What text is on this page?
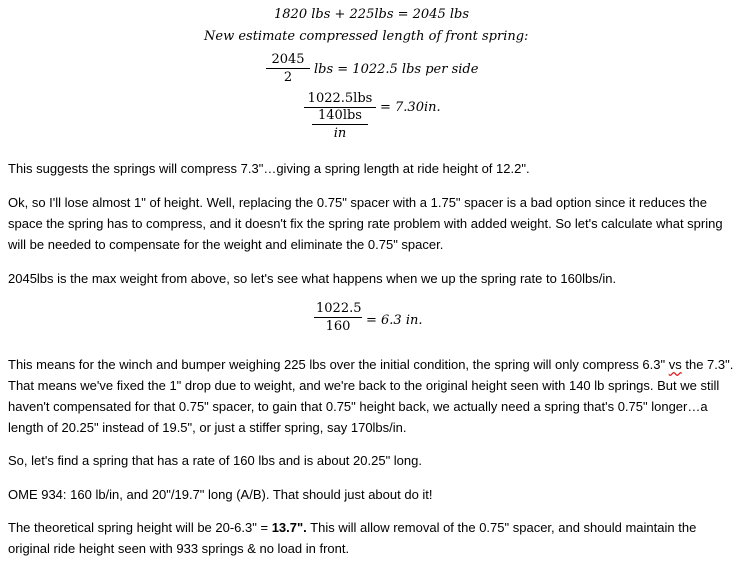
1820 lbs + 225lbs = 2045 lbs
New estimate compressed length of front spring:
$\frac{2045}{2}$ lbs = 1022.5 lbs per side
1022.5lbs
140lbs
in
= 7.30in.
This suggests the springs will compress 7.3"…giving a spring length at ride height of 12.2".
Ok, so I'll lose almost 1" of height. Well, replacing the 0.75" spacer with a 1.75" spacer is a bad option since it reduces the space the spring has to compress, and it doesn't fix the spring rate problem with added weight. So let's calculate what spring will be needed to compensate for the weight and eliminate the 0.75" spacer.
2045lbs is the max weight from above, so let's see what happens when we up the spring rate to 160lbs/in.
$\frac{1022.5}{160} = 6.3$ in.
This means for the winch and bumper weighing 225 lbs over the initial condition, the spring will only compress 6.3" vs the 7.3". That means we've fixed the 1" drop due to weight, and we're back to the original height seen with 140 lb springs. But we still haven't compensated for that 0.75" spacer, to gain that 0.75" height back, we actually need a spring that's 0.75" longer…a length of 20.25" instead of 19.5", or just a stiffer spring, say 170lbs/in.
So, let's find a spring that has a rate of 160 lbs and is about 20.25" long.
OME 934: 160 lb/in, and 20"/19.7" long (A/B). That should just about do it!
The theoretical spring height will be 20-6.3" = 13.7". This will allow removal of the 0.75" spacer, and should maintain the original ride height seen with 933 springs & no load in front.
